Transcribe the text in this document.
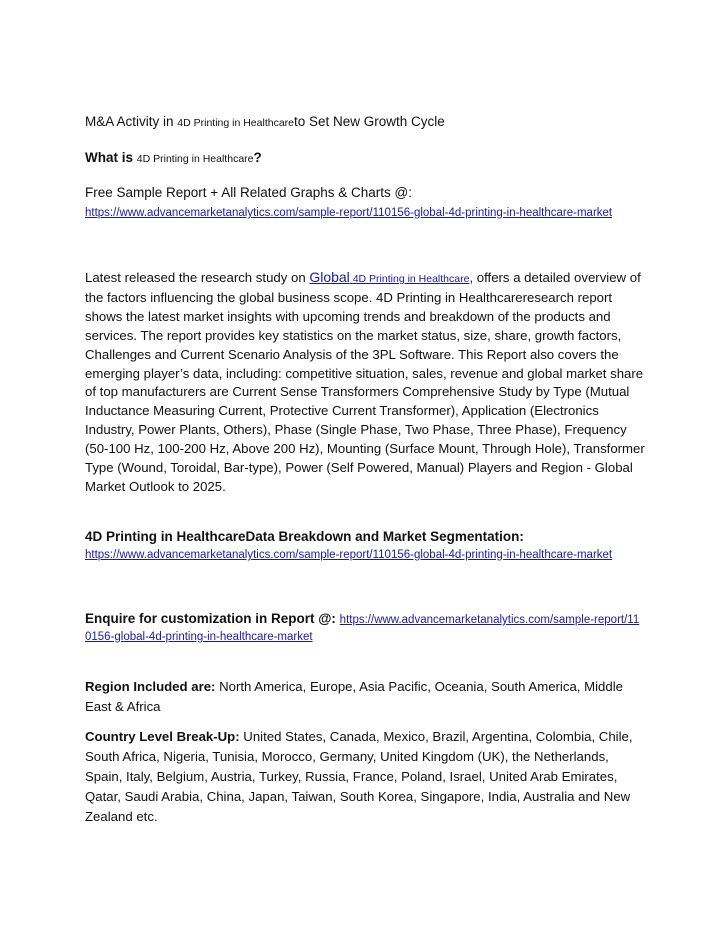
M&A Activity in 4D Printing in Healthcareto Set New Growth Cycle
What is 4D Printing in Healthcare?
Free Sample Report + All Related Graphs & Charts @:
https://www.advancemarketanalytics.com/sample-report/110156-global-4d-printing-in-healthcare-market
Latest released the research study on Global 4D Printing in Healthcare, offers a detailed overview of the factors influencing the global business scope. 4D Printing in Healthcareresearch report shows the latest market insights with upcoming trends and breakdown of the products and services. The report provides key statistics on the market status, size, share, growth factors, Challenges and Current Scenario Analysis of the 3PL Software. This Report also covers the emerging player’s data, including: competitive situation, sales, revenue and global market share of top manufacturers are Current Sense Transformers Comprehensive Study by Type (Mutual Inductance Measuring Current, Protective Current Transformer), Application (Electronics Industry, Power Plants, Others), Phase (Single Phase, Two Phase, Three Phase), Frequency (50-100 Hz, 100-200 Hz, Above 200 Hz), Mounting (Surface Mount, Through Hole), Transformer Type (Wound, Toroidal, Bar-type), Power (Self Powered, Manual) Players and Region - Global Market Outlook to 2025.
4D Printing in HealthcareData Breakdown and Market Segmentation:
https://www.advancemarketanalytics.com/sample-report/110156-global-4d-printing-in-healthcare-market
Enquire for customization in Report @: https://www.advancemarketanalytics.com/sample-report/110156-global-4d-printing-in-healthcare-market
Region Included are: North America, Europe, Asia Pacific, Oceania, South America, Middle East & Africa
Country Level Break-Up: United States, Canada, Mexico, Brazil, Argentina, Colombia, Chile, South Africa, Nigeria, Tunisia, Morocco, Germany, United Kingdom (UK), the Netherlands, Spain, Italy, Belgium, Austria, Turkey, Russia, France, Poland, Israel, United Arab Emirates, Qatar, Saudi Arabia, China, Japan, Taiwan, South Korea, Singapore, India, Australia and New Zealand etc.
